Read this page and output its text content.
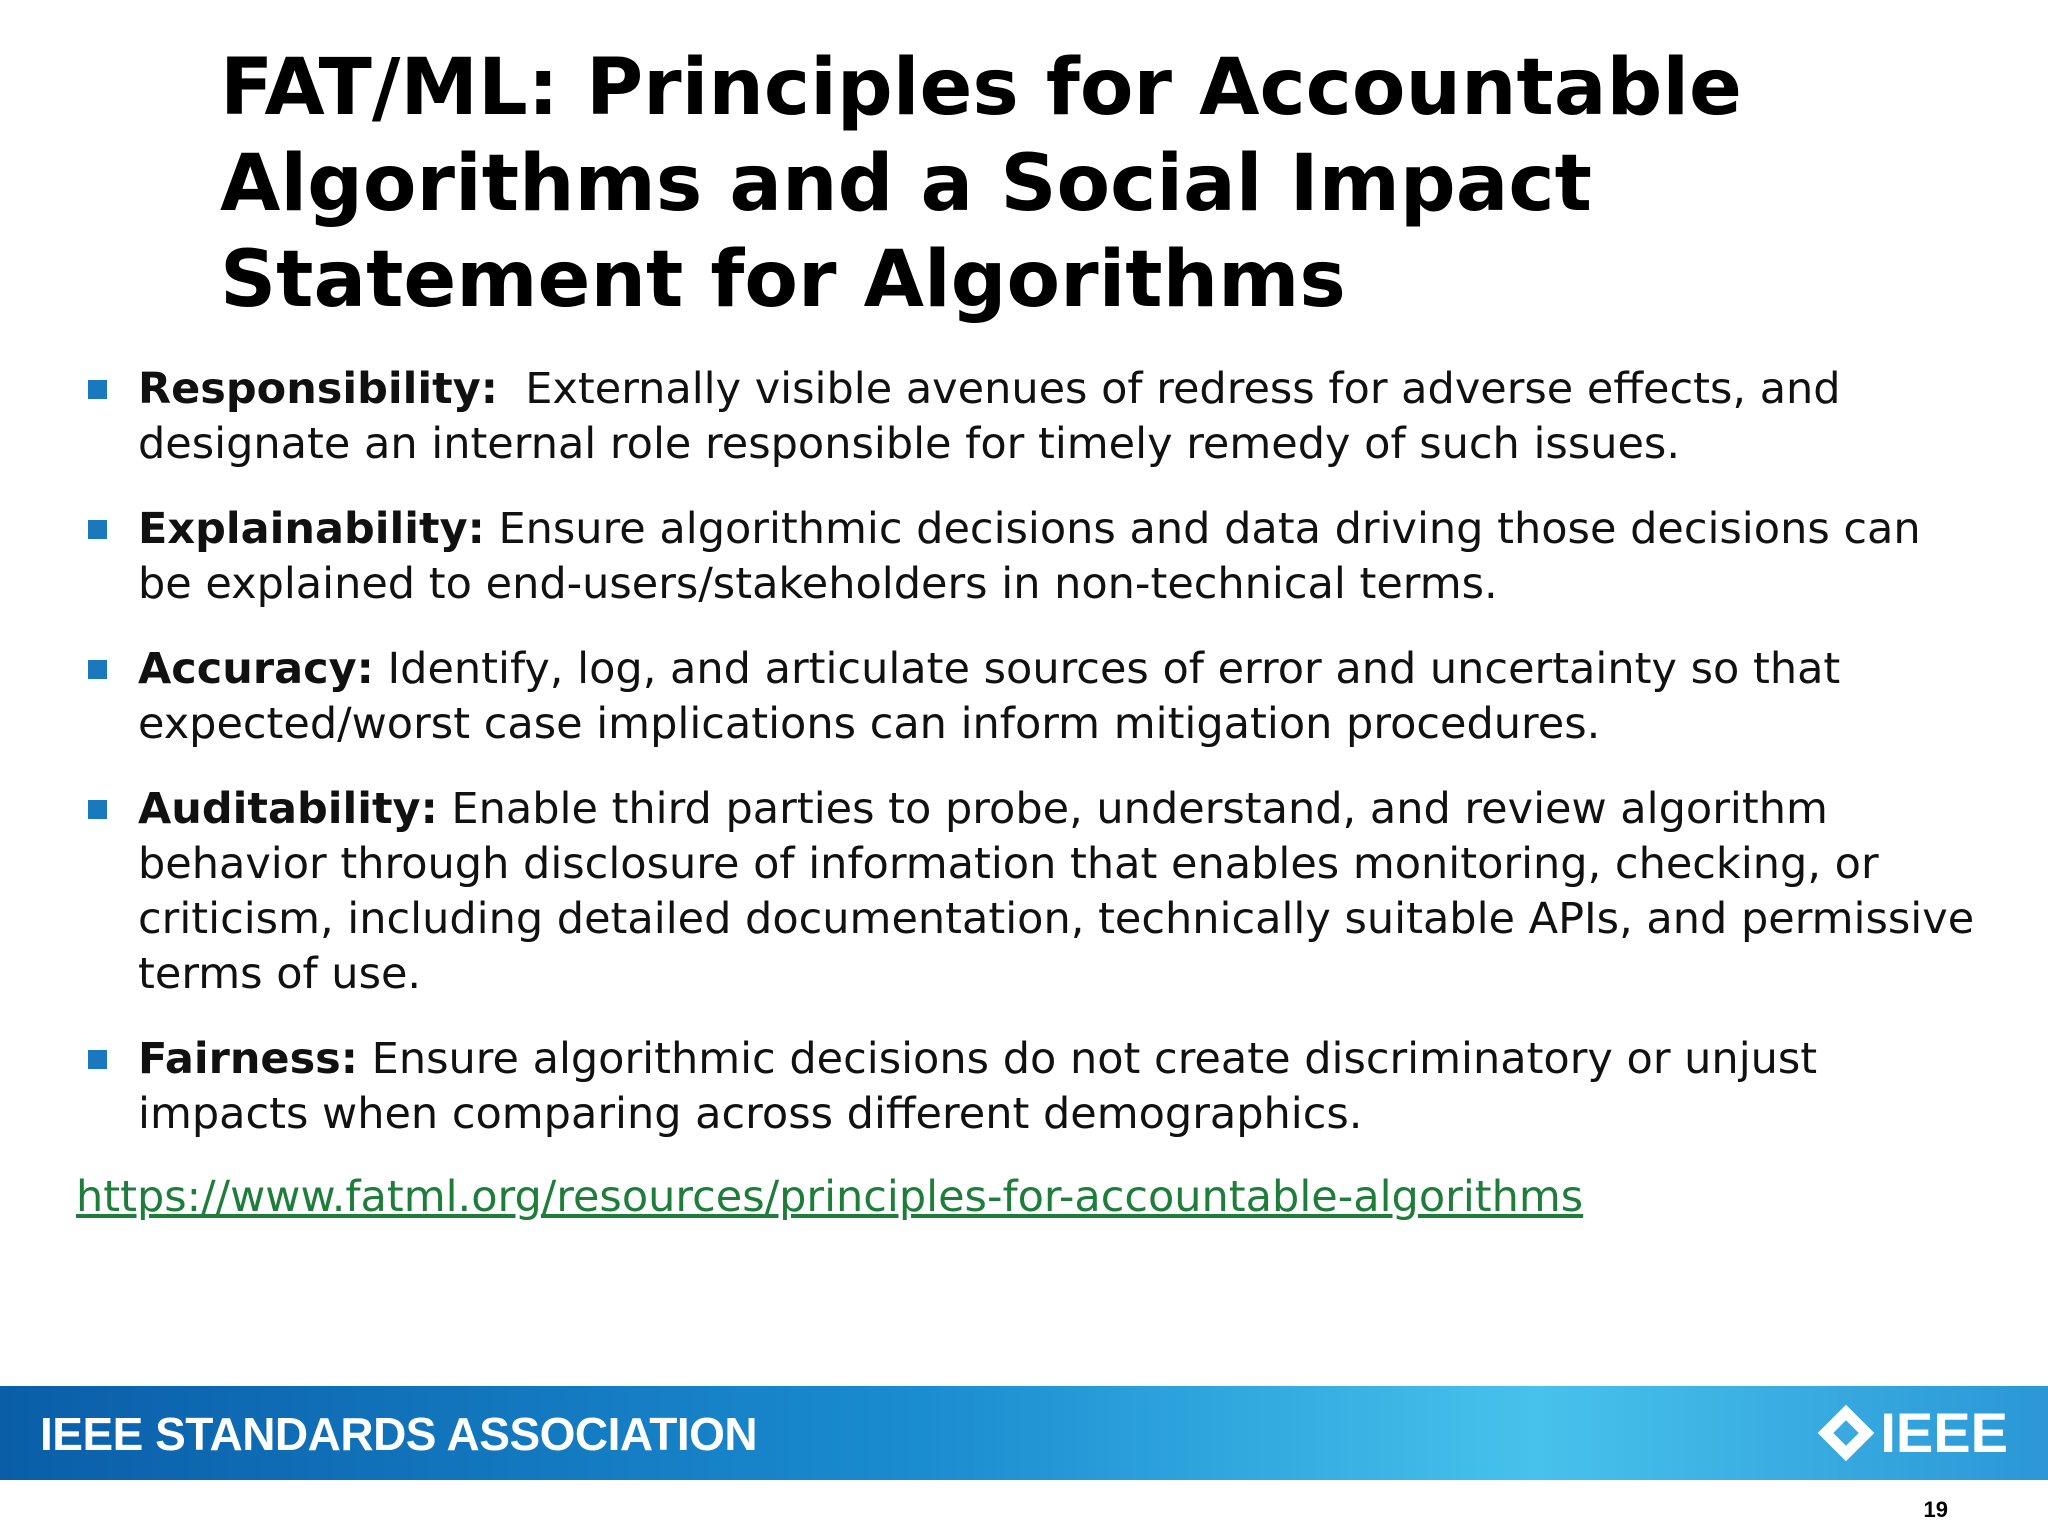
FAT/ML: Principles for Accountable Algorithms and a Social Impact Statement for Algorithms
Responsibility:  Externally visible avenues of redress for adverse effects, and designate an internal role responsible for timely remedy of such issues.
Explainability: Ensure algorithmic decisions and data driving those decisions can be explained to end-users/stakeholders in non-technical terms.
Accuracy: Identify, log, and articulate sources of error and uncertainty so that expected/worst case implications can inform mitigation procedures.
Auditability: Enable third parties to probe, understand, and review algorithm behavior through disclosure of information that enables monitoring, checking, or criticism, including detailed documentation, technically suitable APIs, and permissive terms of use.
Fairness: Ensure algorithmic decisions do not create discriminatory or unjust impacts when comparing across different demographics.
https://www.fatml.org/resources/principles-for-accountable-algorithms
IEEE STANDARDS ASSOCIATION	IEEE
19
